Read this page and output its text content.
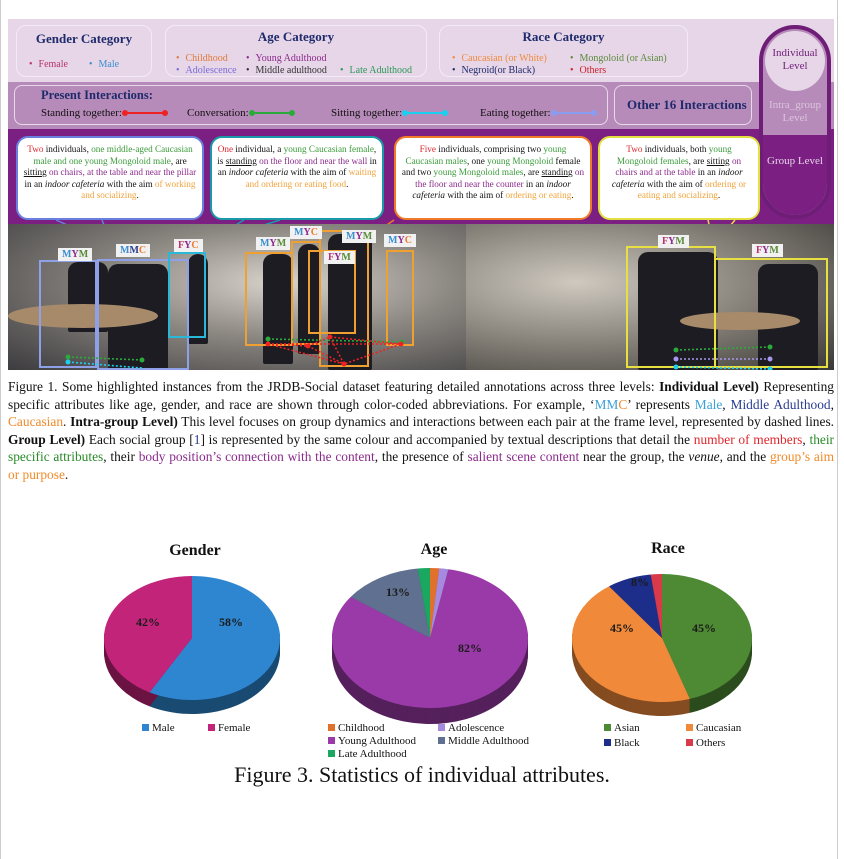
Gender Category
• Female • Male
Age Category
• Childhood • Young Adulthood
• Adolescence • Middle adulthood • Late Adulthood
Race Category
• Caucasian (or White) • Mongoloid (or Asian)
• Negroid(or Black)	• Others
Present Interactions:
Standing together:	Conversation:	Sitting together:	Eating together:
Other 16 Interactions
Individual Level
Intra_group Level
Group Level
Two individuals, one middle-aged Caucasian male and one young Mongoloid male, are sitting on chairs, at the table and near the pillar in an indoor cafeteria with the aim of working and socializing.
One individual, a young Caucasian female, is standing on the floor and near the wall in an indoor cafeteria with the aim of waiting and ordering or eating food.
Five individuals, comprising two young Caucasian males, one young Mongoloid female and two young Mongoloid males, are standing on the floor and near the counter in an indoor cafeteria with the aim of ordering or eating.
Two individuals, both young Mongoloid females, are sitting on chairs and at the table in an indoor cafeteria with the aim of ordering or eating and socializing.
MYM	MMC	FYC	MYM
MYC	MYM
FYM
MYC	FYM
FYM
Figure 1. Some highlighted instances from the JRDB-Social dataset featuring detailed annotations across three levels: Individual Level) Representing specific attributes like age, gender, and race are shown through color-coded abbreviations. For example, ‘MMC’ represents Male, Middle Adulthood, Caucasian. Intra-group Level) This level focuses on group dynamics and interactions between each pair at the frame level, represented by dashed lines. Group Level) Each social group [1] is represented by the same colour and accompanied by textual descriptions that detail the number of members, their specific attributes, their body position’s connection with the content, the presence of salient scene content near the group, the venue, and the group’s aim or purpose.
Gender
58%
42%
Male	Female
Age
82%
13%
Childhood	Adolescence
Young Adulthood	Middle Adulthood
Late Adulthood
Race
45%
45%
8%
Asian	Caucasian
Black	Others
Figure 3. Statistics of individual attributes.
